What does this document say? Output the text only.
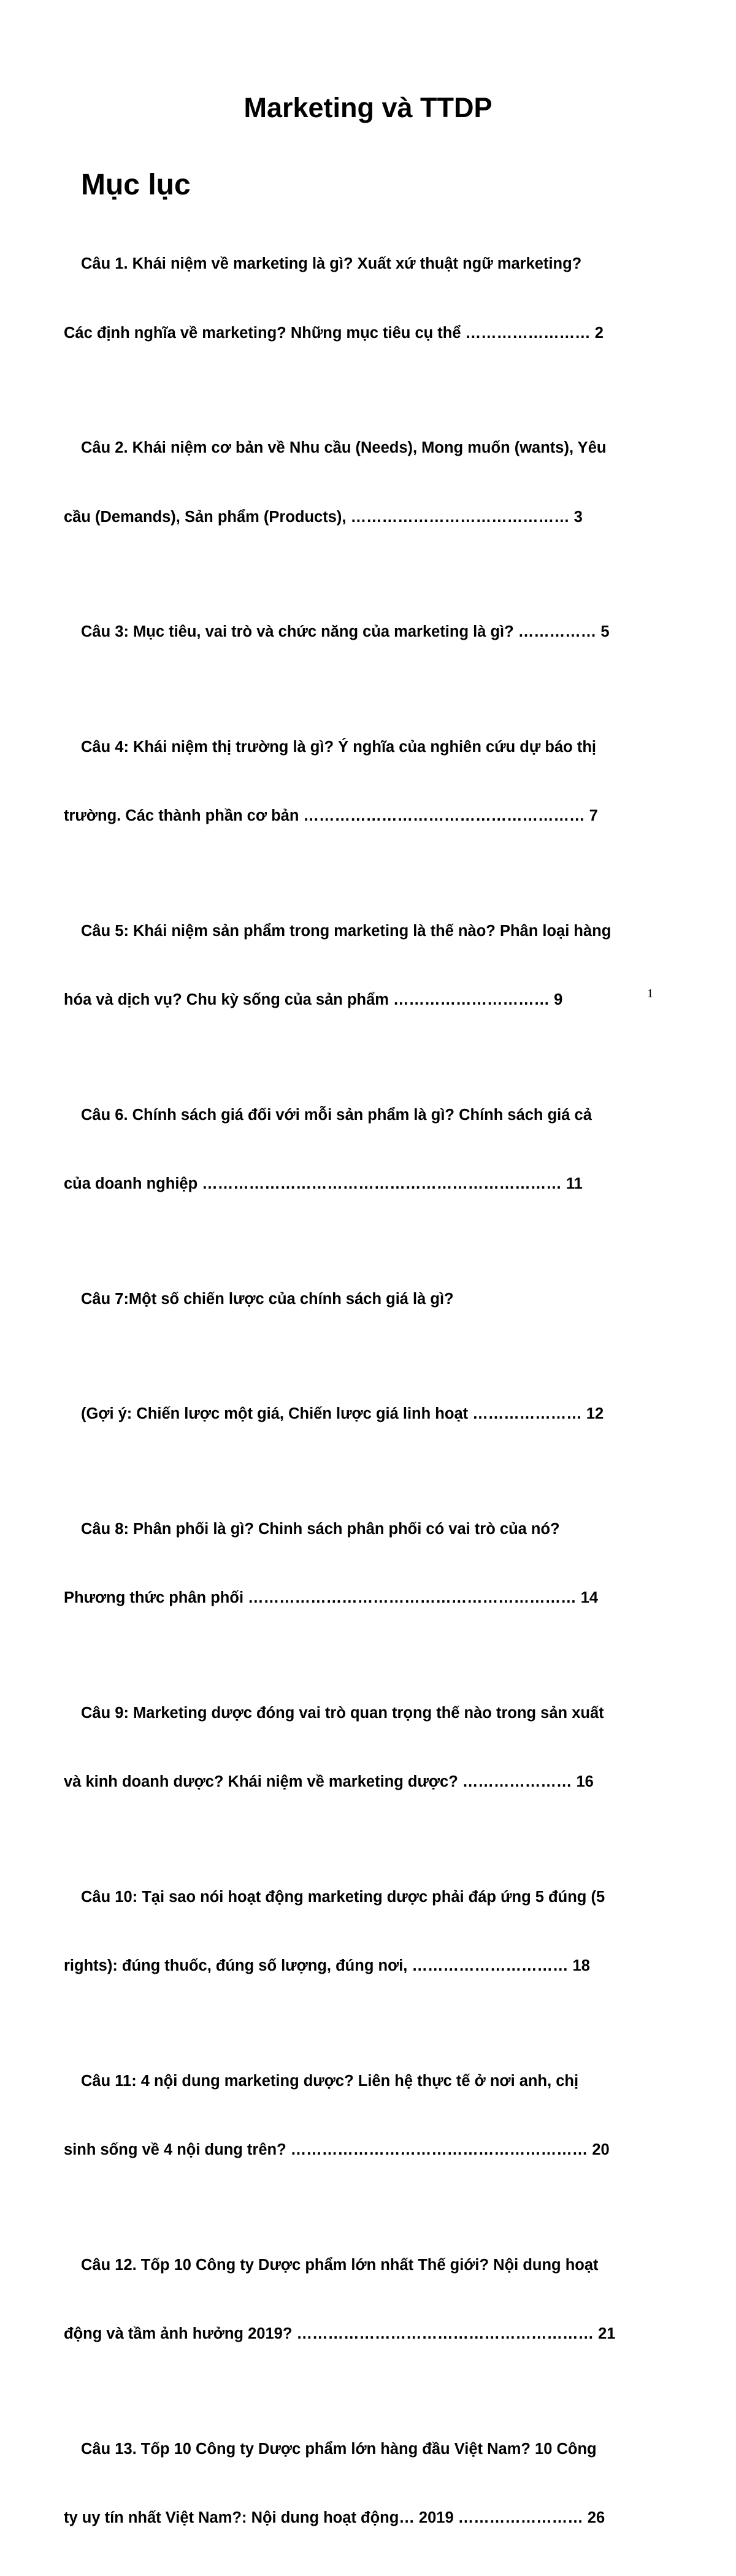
Marketing và TTDP
Mục lục

Câu 1. Khái niệm về marketing là gì? Xuất xứ thuật ngữ marketing?

Các định nghĩa về marketing? Những mục tiêu cụ thể …………………… 2

Câu 2. Khái niệm cơ bản về Nhu cầu (Needs), Mong muốn (wants), Yêu

cầu (Demands), Sản phẩm (Products), …………………………………… 3

Câu 3: Mục tiêu, vai trò và chức năng của marketing là gì? …………… 5

Câu 4: Khái niệm thị trường là gì? Ý nghĩa của nghiên cứu dự báo thị

trường. Các thành phần cơ bản ……………………………………………… 7

Câu 5: Khái niệm sản phẩm trong marketing là thế nào? Phân loại hàng

hóa và dịch vụ? Chu kỳ sống của sản phẩm ………………………… 9

Câu 6. Chính sách giá đối với mỗi sản phẩm là gì? Chính sách giá cả

của doanh nghiệp …………………………………………………………… 11

Câu 7:Một số chiến lược của chính sách giá là gì?

(Gợi ý: Chiến lược một giá, Chiến lược giá linh hoạt ………………… 12

Câu 8: Phân phối là gì? Chinh sách phân phối có vai trò của nó?

Phương thức phân phối ……………………………………………………… 14

Câu 9: Marketing dược đóng vai trò quan trọng thế nào trong sản xuất

và kinh doanh dược? Khái niệm về marketing dược? ………………… 16

Câu 10: Tại sao nói hoạt động marketing dược phải đáp ứng 5 đúng (5

rights): đúng thuốc, đúng số lượng, đúng nơi, ………………………… 18

Câu 11: 4 nội dung marketing dược? Liên hệ thực tế ở nơi anh, chị

sinh sống về 4 nội dung trên? ………………………………………………… 20

Câu 12. Tốp 10 Công ty Dược phẩm lớn nhất Thế giới? Nội dung hoạt

động và tầm ảnh hưởng 2019? ………………………………………………… 21

Câu 13. Tốp 10 Công ty Dược phẩm lớn hàng đầu Việt Nam? 10 Công

ty uy tín nhất Việt Nam?: Nội dung hoạt động… 2019 …………………… 26

1
